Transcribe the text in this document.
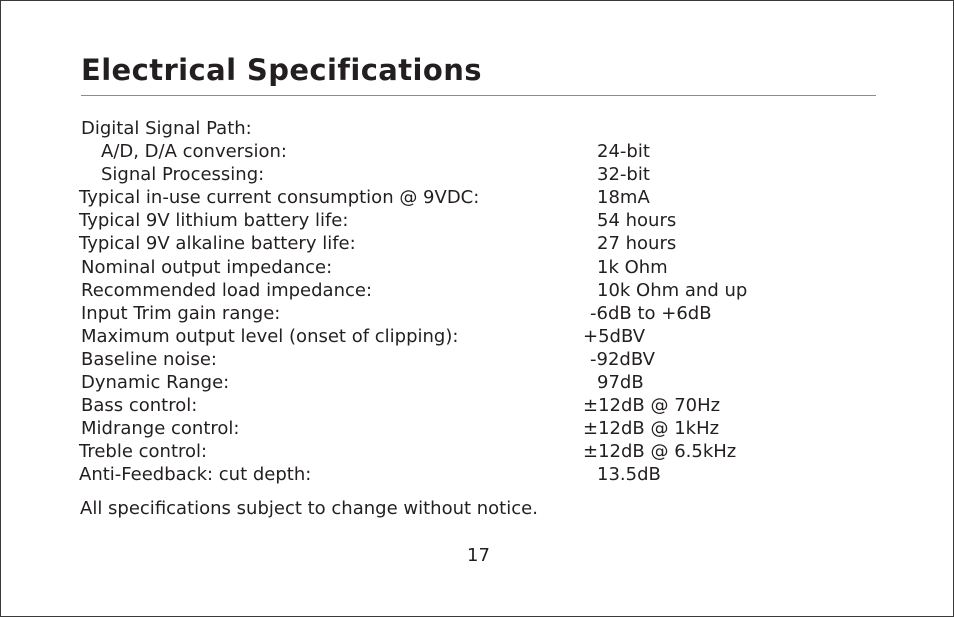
Electrical Specifications
Digital Signal Path:
A/D, D/A conversion:	24-bit
Signal Processing:	32-bit
Typical in-use current consumption @ 9VDC:	18mA
Typical 9V lithium battery life:	54 hours
Typical 9V alkaline battery life:	27 hours
Nominal output impedance:	1k Ohm
Recommended load impedance:	10k Ohm and up
Input Trim gain range:	-6dB to +6dB
Maximum output level (onset of clipping):	+5dBV
Baseline noise:	-92dBV
Dynamic Range:	97dB
Bass control:	±12dB @ 70Hz
Midrange control:	±12dB @ 1kHz
Treble control:	±12dB @ 6.5kHz
Anti-Feedback: cut depth:	13.5dB
All specifications subject to change without notice.
17
